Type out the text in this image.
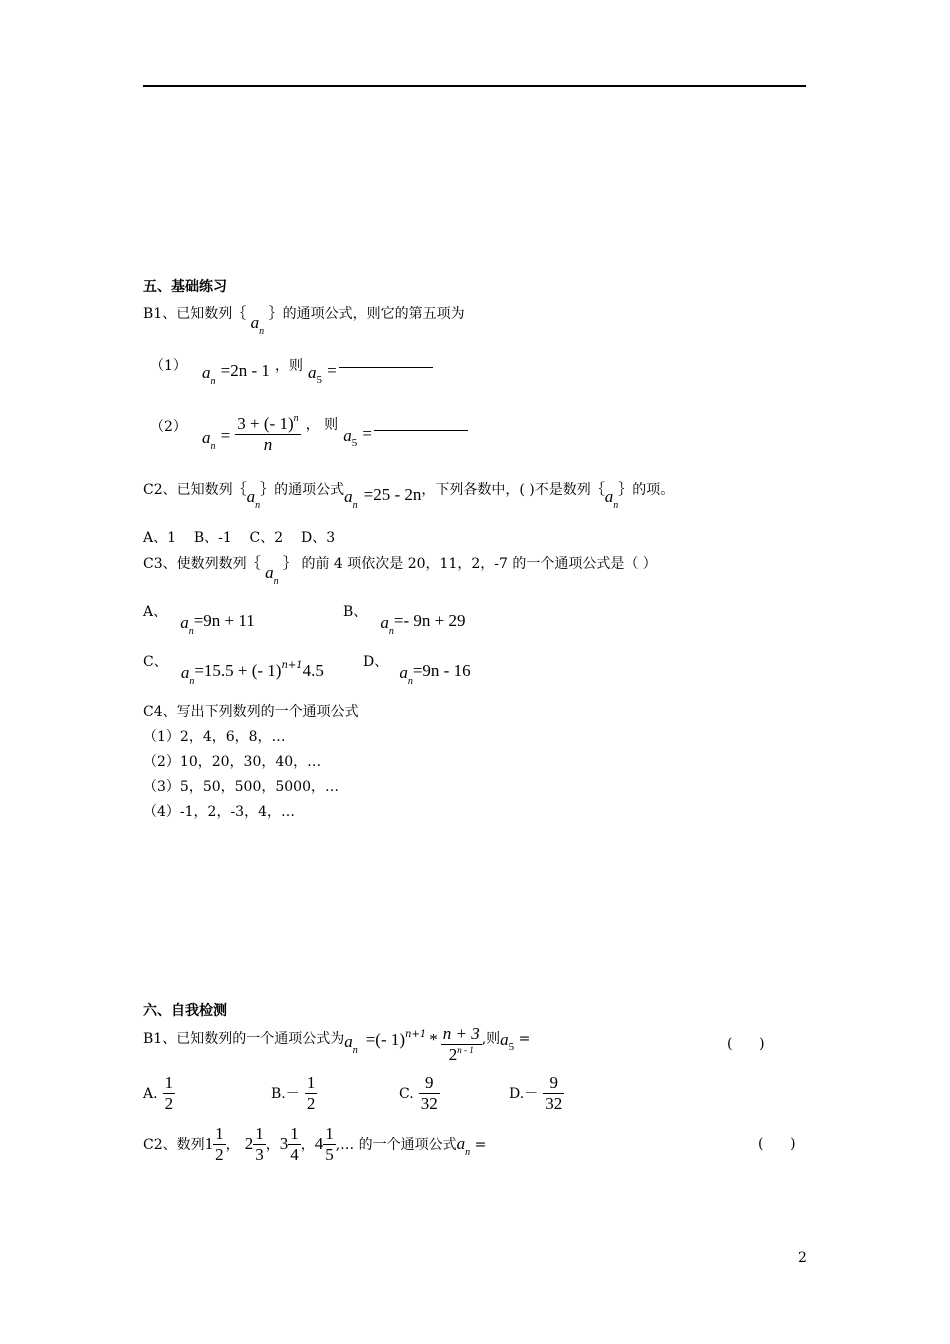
五、基础练习
B1、已知数列｛ $a_n$ ｝的通项公式，则它的第五项为
（1） $a_n =2n - 1$ ，则 $a_5$ =
（2） $a_n = \frac{3 + (- 1)^n}{n}$ ， 则 $a_5$ =
C2、已知数列$\{a_n\}$的通项公式$a_n=25 - 2n$，下列各数中，( )不是数列$\{a_n\}$的项。
A、1    B、-1    C、2    D、3
C3、使数列数列｛ $a_n$ ｝ 的前 4 项依次是 20，11，2，-7 的一个通项公式是（ ）
A、 $a_n=9n + 11$	B、 $a_n=-$ 9n + 29
C、 $a_n=15.5$ + (- 1)n+14.5	D、 $a_n=9n - 16$
C4、写出下列数列的一个通项公式
（1）2，4，6，8，…
（2）10，20，30，40，…
（3）5，50，500，5000，…
（4）-1，2，-3，4，…
六、自我检测
B1、已知数列的一个通项公式为$a_n=(-$ $1)^{n+1} * \frac{n + 3}{2^{n - 1}}$ ,则$a_5$ =	(      )
A. $\frac{1}{2}$	$B.- \frac{1}{2}$	C. $\frac{9}{32}$	$D.- \frac{9}{32}$
C2、数列$1 \frac{1}{2}$ ， $2 \frac{1}{3}$ ，$3 \frac{1}{4}$ ，$4 \frac{1}{5}$ ,… 的一个通项公式$a_n$ =	(      )
2
